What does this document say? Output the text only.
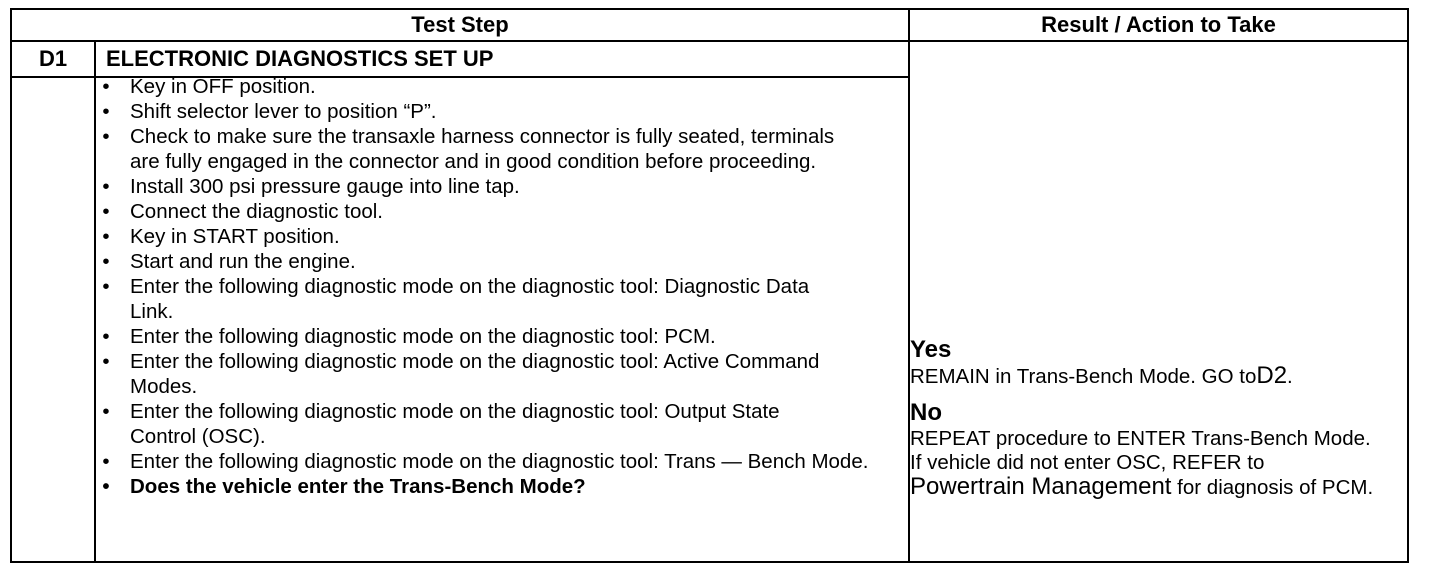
Test Step	Result / Action to Take
D1	ELECTRONIC DIAGNOSTICS SET UP
• Key in OFF position.
• Shift selector lever to position “P”.
• Check to make sure the transaxle harness connector is fully seated, terminals are fully engaged in the connector and in good condition before proceeding.
• Install 300 psi pressure gauge into line tap.
• Connect the diagnostic tool.
• Key in START position.
• Start and run the engine.
• Enter the following diagnostic mode on the diagnostic tool: Diagnostic Data Link.
• Enter the following diagnostic mode on the diagnostic tool: PCM.
• Enter the following diagnostic mode on the diagnostic tool: Active Command Modes.
• Enter the following diagnostic mode on the diagnostic tool: Output State Control (OSC).
• Enter the following diagnostic mode on the diagnostic tool: Trans — Bench Mode.
• Does the vehicle enter the Trans-Bench Mode?
Yes
REMAIN in Trans-Bench Mode. GO toD2.
No
REPEAT procedure to ENTER Trans-Bench Mode. If vehicle did not enter OSC, REFER to Powertrain Management for diagnosis of PCM.
